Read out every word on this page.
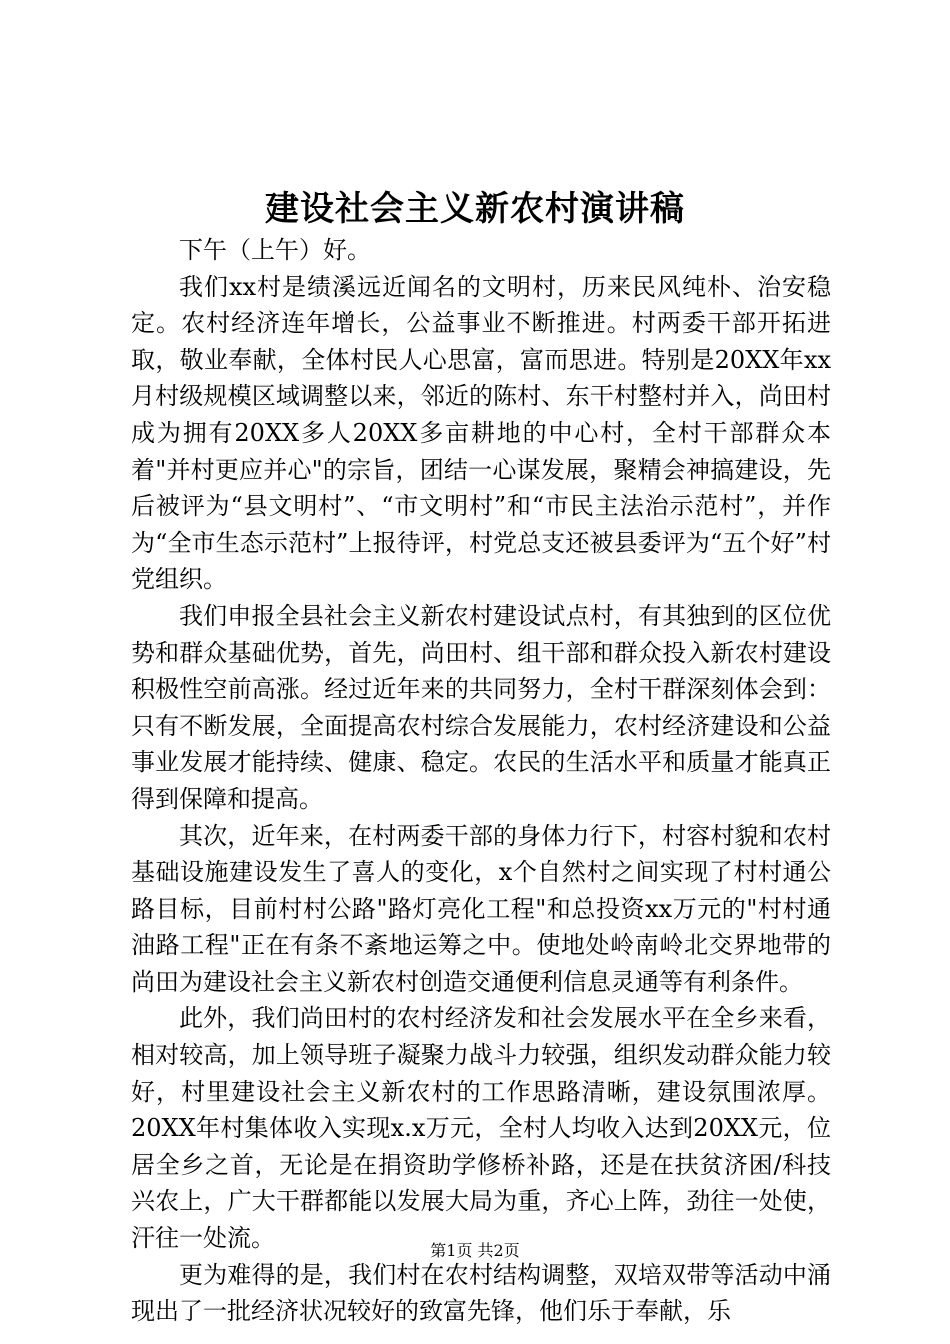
建设社会主义新农村演讲稿

下午（上午）好。

我们xx村是绩溪远近闻名的文明村，历来民风纯朴、治安稳定。农村经济连年增长，公益事业不断推进。村两委干部开拓进取，敬业奉献，全体村民人心思富，富而思进。特别是20XX年xx月村级规模区域调整以来，邻近的陈村、东干村整村并入，尚田村成为拥有20XX多人20XX多亩耕地的中心村，全村干部群众本着"并村更应并心"的宗旨，团结一心谋发展，聚精会神搞建设，先后被评为“县文明村”、“市文明村”和“市民主法治示范村”，并作为“全市生态示范村”上报待评，村党总支还被县委评为“五个好”村党组织。

我们申报全县社会主义新农村建设试点村，有其独到的区位优势和群众基础优势，首先，尚田村、组干部和群众投入新农村建设积极性空前高涨。经过近年来的共同努力，全村干群深刻体会到：只有不断发展，全面提高农村综合发展能力，农村经济建设和公益事业发展才能持续、健康、稳定。农民的生活水平和质量才能真正得到保障和提高。

其次，近年来，在村两委干部的身体力行下，村容村貌和农村基础设施建设发生了喜人的变化，x个自然村之间实现了村村通公路目标，目前村村公路"路灯亮化工程"和总投资xx万元的"村村通油路工程"正在有条不紊地运筹之中。使地处岭南岭北交界地带的尚田为建设社会主义新农村创造交通便利信息灵通等有利条件。

此外，我们尚田村的农村经济发和社会发展水平在全乡来看，相对较高，加上领导班子凝聚力战斗力较强，组织发动群众能力较好，村里建设社会主义新农村的工作思路清晰，建设氛围浓厚。20XX年村集体收入实现x.x万元，全村人均收入达到20XX元，位居全乡之首，无论是在捐资助学修桥补路，还是在扶贫济困/科技兴农上，广大干群都能以发展大局为重，齐心上阵，劲往一处使，汗往一处流。

更为难得的是，我们村在农村结构调整，双培双带等活动中涌现出了一批经济状况较好的致富先锋，他们乐于奉献，乐

第1页 共2页
